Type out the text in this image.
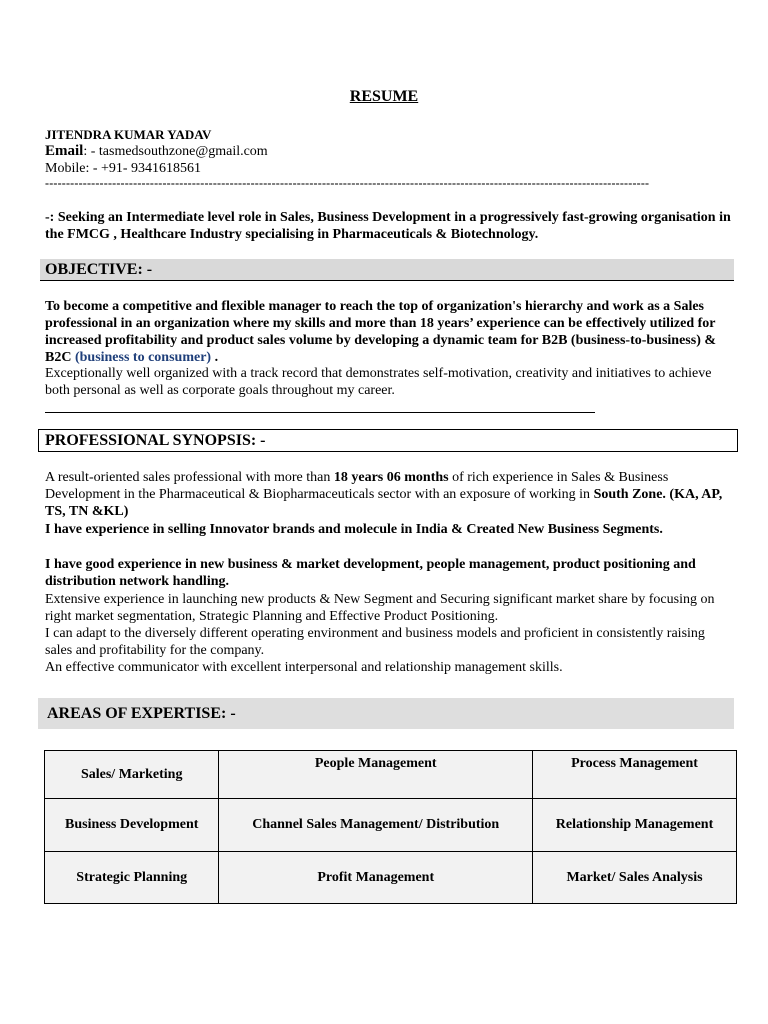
RESUME
JITENDRA KUMAR YADAV
Email: - tasmedsouthzone@gmail.com
Mobile: - +91- 9341618561
------------------------------------------------------------------------------------------------------------------------------------------------
-: Seeking an Intermediate level role in Sales, Business Development in a progressively fast-growing organisation in the FMCG , Healthcare Industry specialising in Pharmaceuticals & Biotechnology.
OBJECTIVE: -
To become a competitive and flexible manager to reach the top of organization's hierarchy and work as a Sales professional in an organization where my skills and more than 18 years’ experience can be effectively utilized for increased profitability and product sales volume by developing a dynamic team for B2B (business-to-business) & B2C (business to consumer) .
Exceptionally well organized with a track record that demonstrates self-motivation, creativity and initiatives to achieve both personal as well as corporate goals throughout my career.
PROFESSIONAL SYNOPSIS: -
A result-oriented sales professional with more than 18 years 06 months of rich experience in Sales & Business Development in the Pharmaceutical & Biopharmaceuticals sector with an exposure of working in South Zone. (KA, AP, TS, TN &KL)
I have experience in selling Innovator brands and molecule in India & Created New Business Segments.
I have good experience in new business & market development, people management, product positioning and distribution network handling.
Extensive experience in launching new products & New Segment and Securing significant market share by focusing on right market segmentation, Strategic Planning and Effective Product Positioning.
I can adapt to the diversely different operating environment and business models and proficient in consistently raising sales and profitability for the company.
An effective communicator with excellent interpersonal and relationship management skills.
AREAS OF EXPERTISE: -
Sales/ Marketing	People Management	Process Management
Business Development	Channel Sales Management/ Distribution	Relationship Management
Strategic Planning	Profit Management	Market/ Sales Analysis
